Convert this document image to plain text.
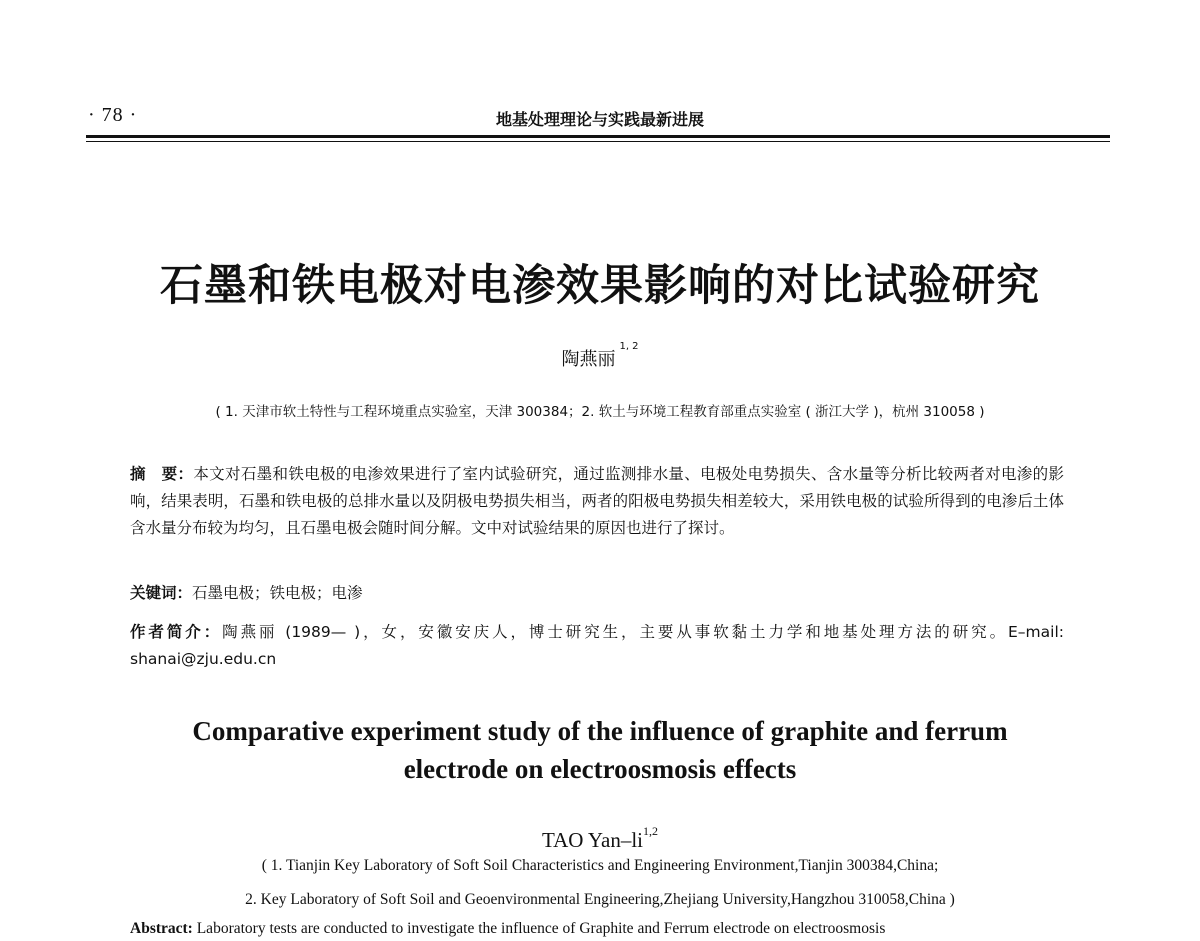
· 78 ·	地基处理理论与实践最新进展
石墨和铁电极对电渗效果影响的对比试验研究
陶燕丽$^{1, 2}$
( 1. 天津市软土特性与工程环境重点实验室，天津 300384；2. 软土与环境工程教育部重点实验室 ( 浙江大学 )，杭州 310058 )
摘　要：本文对石墨和铁电极的电渗效果进行了室内试验研究，通过监测排水量、电极处电势损失、含水量等分析比较两者对电渗的影响，结果表明，石墨和铁电极的总排水量以及阴极电势损失相当，两者的阳极电势损失相差较大，采用铁电极的试验所得到的电渗后土体含水量分布较为均匀，且石墨电极会随时间分解。文中对试验结果的原因也进行了探讨。
关键词：石墨电极；铁电极；电渗
作者简介：陶燕丽 (1989— )，女，安徽安庆人，博士研究生，主要从事软黏土力学和地基处理方法的研究。E–mail: shanai@zju.edu.cn
Comparative experiment study of the influence of graphite and ferrum
electrode on electroosmosis effects
TAO Yan–li$^{1,2}$
( 1. Tianjin Key Laboratory of Soft Soil Characteristics and Engineering Environment,Tianjin 300384,China;
2. Key Laboratory of Soft Soil and Geoenvironmental Engineering,Zhejiang University,Hangzhou 310058,China )
Abstract: Laboratory tests are conducted to investigate the influence of Graphite and Ferrum electrode on electroosmosis
